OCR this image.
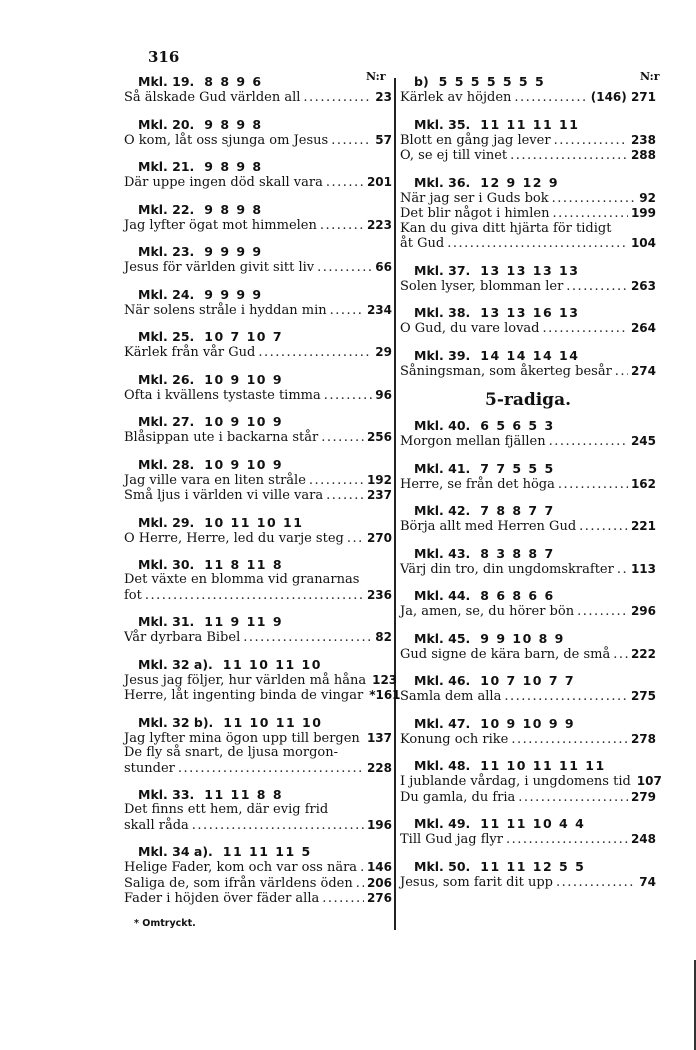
316
N:r	N:r
Mkl. 19. 8 8 9 6
Så älskade Gud världen all .....	23
Mkl. 20. 9 8 9 8
O kom, låt oss sjunga om Jesus .....	57
Mkl. 21. 9 8 9 8
Där uppe ingen död skall vara .....	201
Mkl. 22. 9 8 9 8
Jag lyfter ögat mot himmelen .....	223
Mkl. 23. 9 9 9 9
Jesus för världen givit sitt liv .....	66
Mkl. 24. 9 9 9 9
När solens stråle i hyddan min .....	234
Mkl. 25. 10 7 10 7
Kärlek från vår Gud .....	29
Mkl. 26. 10 9 10 9
Ofta i kvällens tystaste timma .....	96
Mkl. 27. 10 9 10 9
Blåsippan ute i backarna står .....	256
Mkl. 28. 10 9 10 9
Jag ville vara en liten stråle .....	192
Små ljus i världen vi ville vara .....	237
Mkl. 29. 10 11 10 11
O Herre, Herre, led du varje steg ..... 270
Mkl. 30. 11 8 11 8
Det växte en blomma vid granarnas
fot .....	236
Mkl. 31. 11 9 11 9
Vår dyrbara Bibel .....	82
Mkl. 32 a). 11 10 11 10
Jesus jag följer, hur världen må håna 123
Herre, låt ingenting binda de vingar *161
Mkl. 32 b). 11 10 11 10
Jag lyfter mina ögon upp till bergen ..... 137
De fly så snart, de ljusa morgon-
stunder .....	228
Mkl. 33. 11 11 8 8
Det finns ett hem, där evig frid
skall råda .....	196
Mkl. 34 a). 11 11 11 5
Helige Fader, kom och var oss nära ..... 146
Saliga de, som ifrån världens öden ..... 206
Fader i höjden över fäder alla .....	276
* Omtryckt.
b) 5 5 5 5 5 5 5
Kärlek av höjden .....	(146) 271
Mkl. 35. 11 11 11 11
Blott en gång jag lever .....	238
O, se ej till vinet .....	288
Mkl. 36. 12 9 12 9
När jag ser i Guds bok .....	92
Det blir något i himlen .....	199
Kan du giva ditt hjärta för tidigt
åt Gud .....	104
Mkl. 37. 13 13 13 13
Solen lyser, blomman ler .....	263
Mkl. 38. 13 13 16 13
O Gud, du vare lovad .....	264
Mkl. 39. 14 14 14 14
Såningsman, som åkerteg besår ..... 274
5-radiga.
Mkl. 40. 6 5 6 5 3
Morgon mellan fjällen .....	245
Mkl. 41. 7 7 5 5 5
Herre, se från det höga .....	162
Mkl. 42. 7 8 8 7 7
Börja allt med Herren Gud .....	221
Mkl. 43. 8 3 8 8 7
Värj din tro, din ungdomskrafter ..... 113
Mkl. 44. 8 6 8 6 6
Ja, amen, se, du hörer bön .....	296
Mkl. 45. 9 9 10 8 9
Gud signe de kära barn, de små ..... 222
Mkl. 46. 10 7 10 7 7
Samla dem alla .....	275
Mkl. 47. 10 9 10 9 9
Konung och rike .....	278
Mkl. 48. 11 10 11 11 11
I jublande vårdag, i ungdomens tid 107
Du gamla, du fria .....	279
Mkl. 49. 11 11 10 4 4
Till Gud jag flyr .....	248
Mkl. 50. 11 11 12 5 5
Jesus, som farit dit upp .....	74
